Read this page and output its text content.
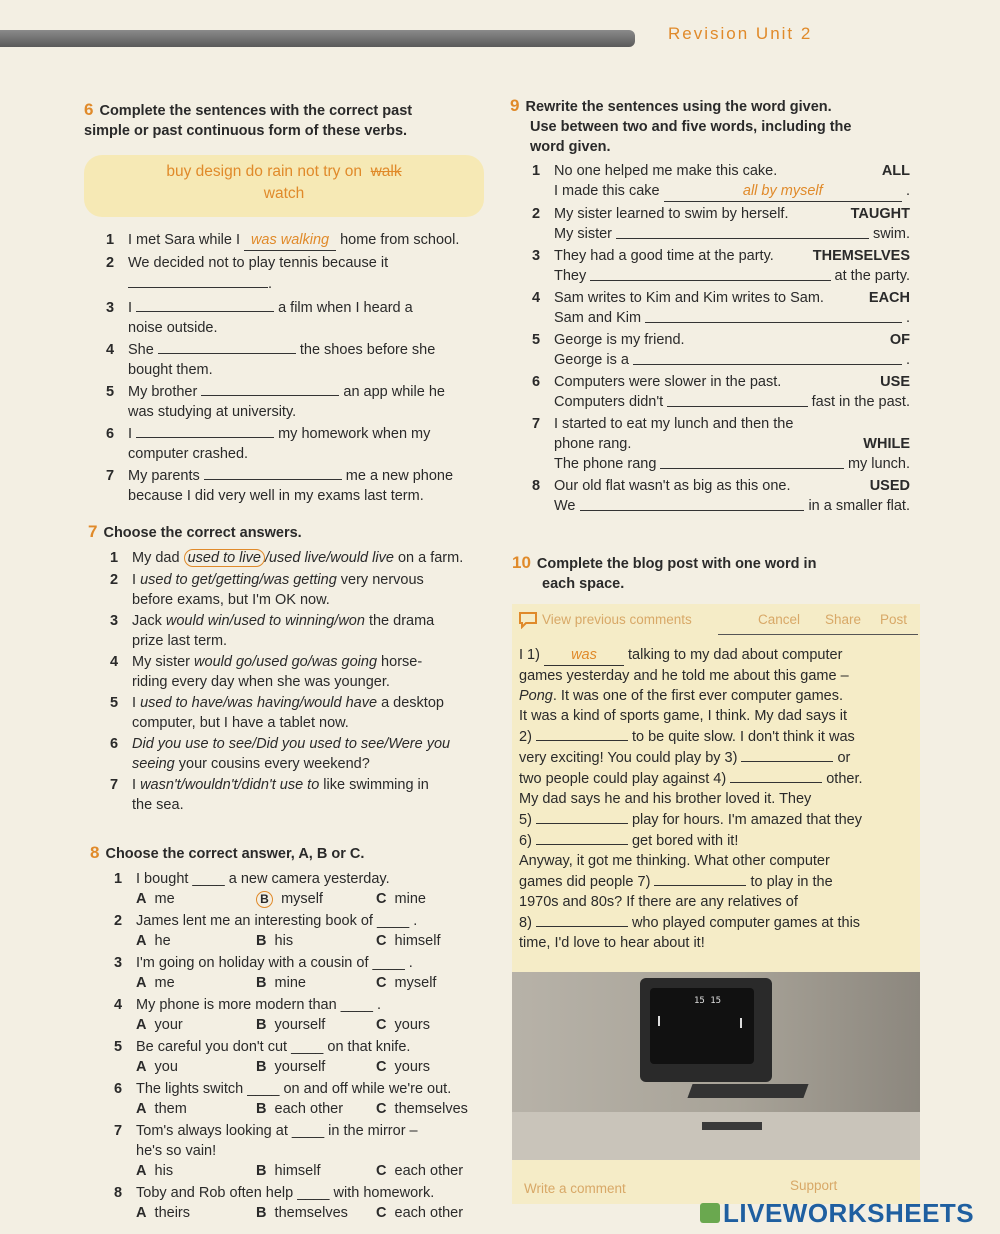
Revision Unit 2
6 Complete the sentences with the correct past
simple or past continuous form of these verbs.
buy design do rain not try on walk
watch
1 I met Sara while I was walking home from school.
2 We decided not to play tennis because it
.
3 I	a film when I heard a
noise outside.
4 She	the shoes before she
bought them.
5 My brother	an app while he
was studying at university.
6 I	my homework when my
computer crashed.
7 My parents	me a new phone
because I did very well in my exams last term.
7 Choose the correct answers.
1 My dad used to live /used live/would live on a farm.
2 I used to get/getting/was getting very nervous
before exams, but I'm OK now.
3 Jack would win/used to winning/won the drama
prize last term.
4 My sister would go/used go/was going horse-
riding every day when she was younger.
5 I used to have/was having/would have a desktop
computer, but I have a tablet now.
6 Did you use to see/Did you used to see/Were you
seeing your cousins every weekend?
7 I wasn't/wouldn't/didn't use to like swimming in
the sea.
8 Choose the correct answer, A, B or C.
1 I bought ____ a new camera yesterday.
A me	B myself	C mine
2 James lent me an interesting book of ____ .
A he	B his	C himself
3 I'm going on holiday with a cousin of ____ .
A me	B mine	C myself
4 My phone is more modern than ____ .
A your	B yourself	C yours
5 Be careful you don't cut ____ on that knife.
A you	B yourself	C yours
6 The lights switch ____ on and off while we're out.
A them	B each other C themselves
7 Tom's always looking at ____ in the mirror –
he's so vain!
A his	B himself	C each other
8 Toby and Rob often help ____ with homework.
A theirs	B themselves C each other
9 Rewrite the sentences using the word given.
Use between two and five words, including the
word given.
1 No one helped me make this cake.	ALL
I made this cake	all by myself	.
2 My sister learned to swim by herself.	TAUGHT
My sister	swim.
3 They had a good time at the party.	THEMSELVES
They	at the party.
4 Sam writes to Kim and Kim writes to Sam.	EACH
Sam and Kim	.
5 George is my friend.	OF
George is a	.
6 Computers were slower in the past.	USE
Computers didn't	fast in the past.
7 I started to eat my lunch and then the
phone rang.	WHILE
The phone rang	my lunch.
8 Our old flat wasn't as big as this one.	USED
We	in a smaller flat.
10 Complete the blog post with one word in
each space.
View previous comments	Cancel Share Post
I 1) was talking to my dad about computer
games yesterday and he told me about this game –
Pong. It was one of the first ever computer games.
It was a kind of sports game, I think. My dad says it
2)	to be quite slow. I don't think it was
very exciting! You could play by 3)	or
two people could play against 4)	other.
My dad says he and his brother loved it. They
5)	play for hours. I'm amazed that they
6)	get bored with it!
Anyway, it got me thinking. What other computer
games did people 7)	to play in the
1970s and 80s? If there are any relatives of
8)	who played computer games at this
time, I'd love to hear about it!
15 15
Write a comment	Support
LIVEWORKSHEETS
